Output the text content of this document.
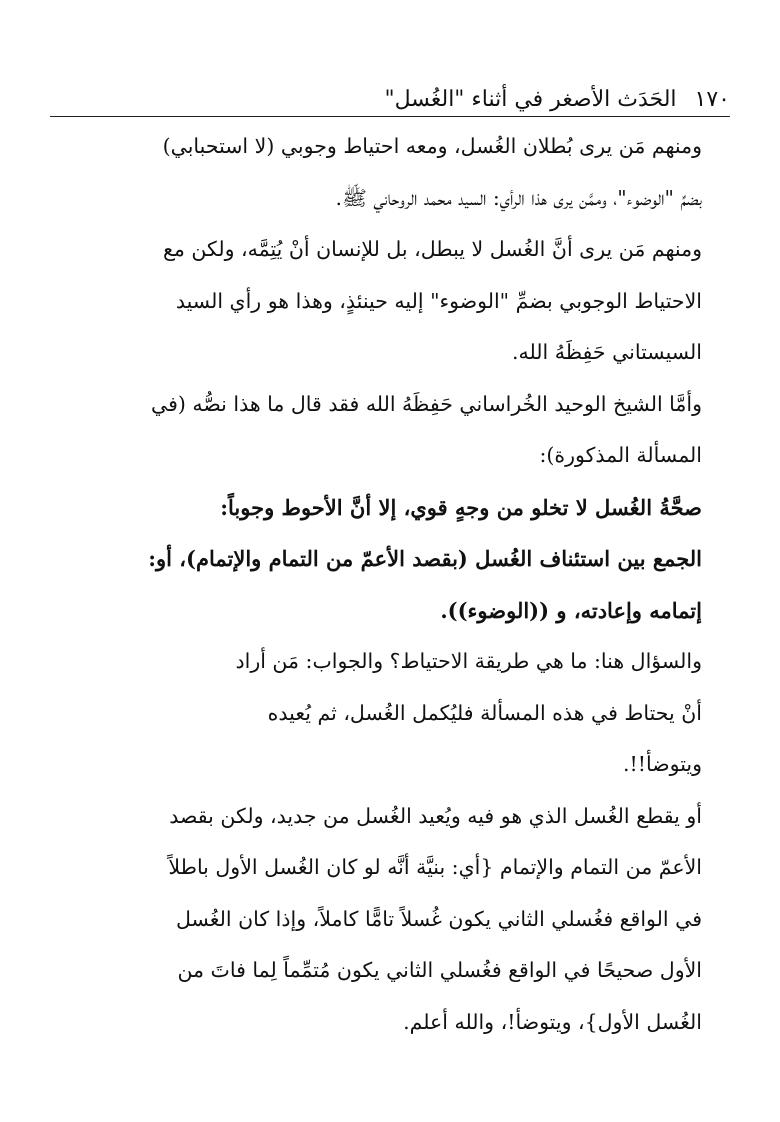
١٧٠
الحَدَث الأصغر في أثناء "الغُسل"

ومنهم مَن يرى بُطلان الغُسل، ومعه احتياط وجوبي (لا استحبابي)
بضمِّ "الوضوء"، وممَّن يرى هذا الرأي: السيد محمد الروحاني ﷺ.

ومنهم مَن يرى أنَّ الغُسل لا يبطل، بل للإنسان أنْ يُتِمَّه، ولكن مع
الاحتياط الوجوبي بضمِّ "الوضوء" إليه حينئذٍ، وهذا هو رأي السيد
السيستاني حَفِظَهُ الله.

وأمَّا الشيخ الوحيد الخُراساني حَفِظَهُ الله فقد قال ما هذا نصُّه (في
المسألة المذكورة):

صحَّةُ الغُسل لا تخلو من وجهٍ قوي، إلا أنَّ الأحوط وجوباً:
الجمع بين استئناف الغُسل (بقصد الأعمّ من التمام والإتمام)، أو:
إتمامه وإعادته، و ((الوضوء)).

والسؤال هنا: ما هي طريقة الاحتياط؟ والجواب: مَن أراد
أنْ يحتاط في هذه المسألة فليُكمل الغُسل، ثم يُعيده
ويتوضأ!!.

أو يقطع الغُسل الذي هو فيه ويُعيد الغُسل من جديد، ولكن بقصد
الأعمّ من التمام والإتمام {أي: بنيَّة أنَّه لو كان الغُسل الأول باطلاً
في الواقع فغُسلي الثاني يكون غُسلاً تامًّا كاملاً، وإذا كان الغُسل
الأول صحيحًا في الواقع فغُسلي الثاني يكون مُتمِّماً لِما فاتَ من
الغُسل الأول}، ويتوضأ!، والله أعلم.
